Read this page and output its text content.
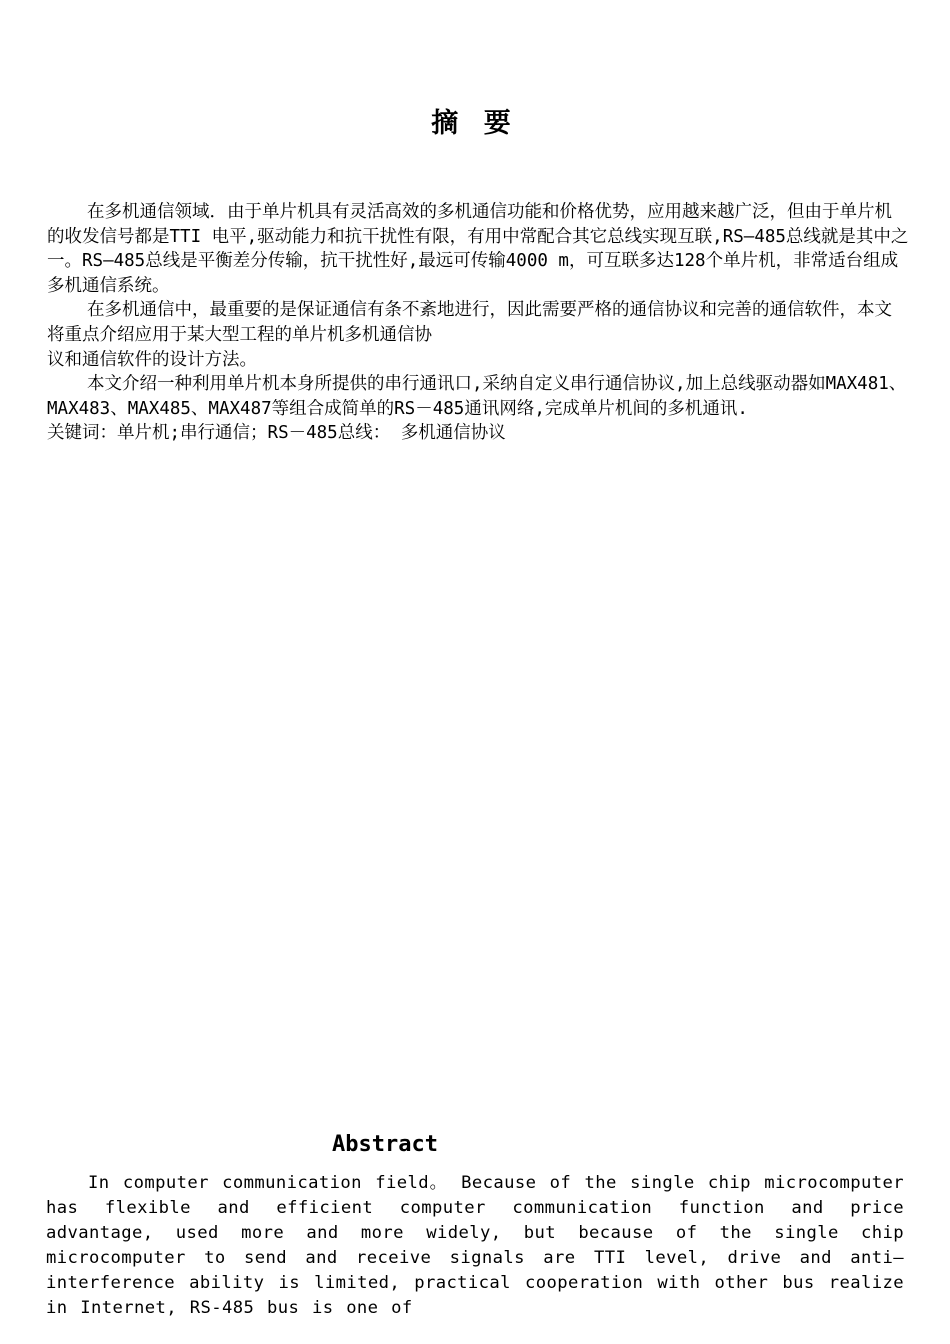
摘 要

在多机通信领域．由于单片机具有灵活高效的多机通信功能和价格优势，应用越来越广泛，但由于单片机的收发信号都是TTI 电平,驱动能力和抗干扰性有限，有用中常配合其它总线实现互联,RS—485总线就是其中之一。RS—485总线是平衡差分传输，抗干扰性好,最远可传输4000 m，可互联多达128个单片机，非常适台组成多机通信系统。

在多机通信中，最重要的是保证通信有条不紊地进行，因此需要严格的通信协议和完善的通信软件，本文将重点介绍应用于某大型工程的单片机多机通信协

议和通信软件的设计方法。

本文介绍一种利用单片机本身所提供的串行通讯口,采纳自定义串行通信协议,加上总线驱动器如MAX481、MAX483、MAX485、MAX487等组合成简单的RS－485通讯网络,完成单片机间的多机通讯.

关键词：单片机;串行通信；RS－485总线： 多机通信协议

Abstract
In computer communication field。 Because of the single chip microcomputer has flexible and efficient computer communication function and price advantage, used more and more widely, but because of the single chip microcomputer to send and receive signals are TTI level, drive and anti—interference ability is limited, practical cooperation with other bus realize in Internet, RS-485 bus is one of
